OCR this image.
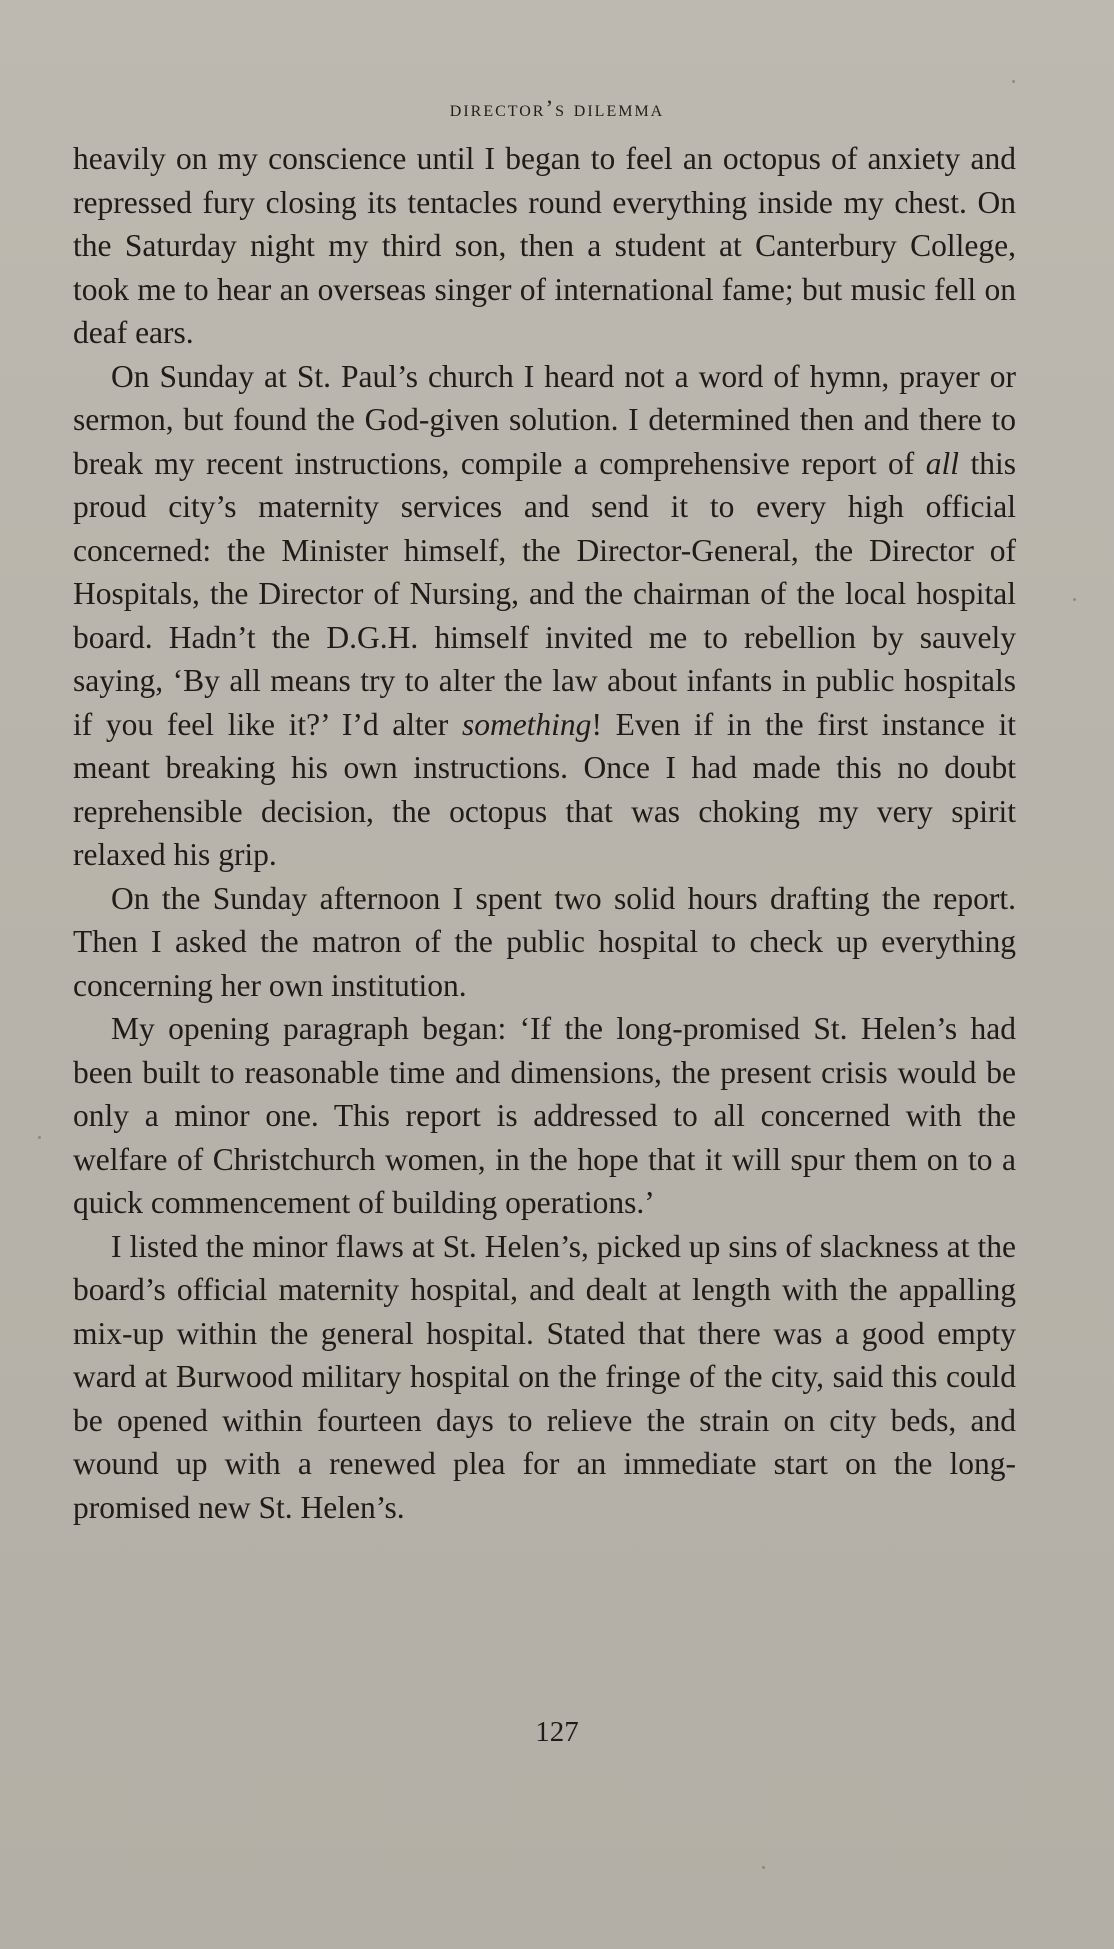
director’s dilemma

heavily on my conscience until I began to feel an octopus of anxiety and repressed fury closing its tentacles round everything inside my chest. On the Saturday night my third son, then a student at Canterbury College, took me to hear an overseas singer of international fame; but music fell on deaf ears.

On Sunday at St. Paul’s church I heard not a word of hymn, prayer or sermon, but found the God-given solution. I determined then and there to break my recent instructions, compile a comprehensive report of all this proud city’s maternity services and send it to every high official concerned: the Minister himself, the Director-General, the Director of Hospitals, the Director of Nursing, and the chairman of the local hospital board. Hadn’t the D.G.H. himself invited me to rebellion by sauvely saying, ‘By all means try to alter the law about infants in public hospitals if you feel like it?’ I’d alter something! Even if in the first instance it meant breaking his own instructions. Once I had made this no doubt reprehensible decision, the octopus that was choking my very spirit relaxed his grip.

On the Sunday afternoon I spent two solid hours drafting the report. Then I asked the matron of the public hospital to check up everything concerning her own institution.

My opening paragraph began: ‘If the long-promised St. Helen’s had been built to reasonable time and dimensions, the present crisis would be only a minor one. This report is addressed to all concerned with the welfare of Christchurch women, in the hope that it will spur them on to a quick commencement of building operations.’

I listed the minor flaws at St. Helen’s, picked up sins of slackness at the board’s official maternity hospital, and dealt at length with the appalling mix-up within the general hospital. Stated that there was a good empty ward at Burwood military hospital on the fringe of the city, said this could be opened within fourteen days to relieve the strain on city beds, and wound up with a renewed plea for an immediate start on the long-promised new St. Helen’s.

127
